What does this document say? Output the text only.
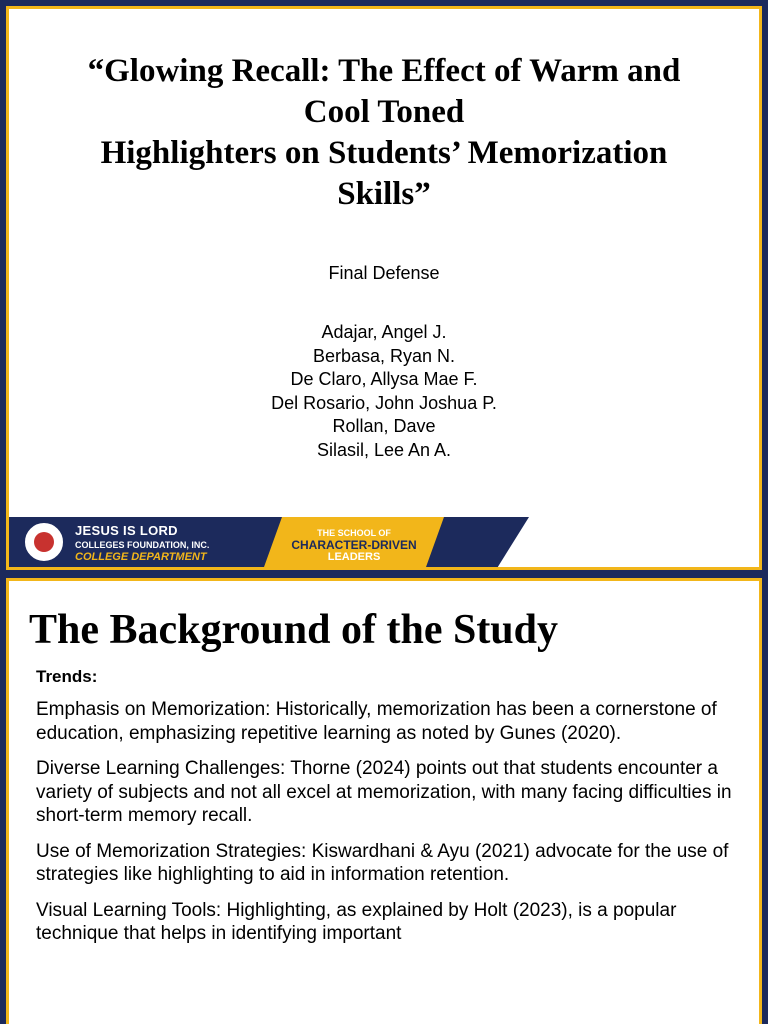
“Glowing Recall: The Effect of Warm and
Cool Toned
Highlighters on Students’ Memorization
Skills”
Final Defense
Adajar, Angel J.
Berbasa, Ryan N.
De Claro, Allysa Mae F.
Del Rosario, John Joshua P.
Rollan, Dave
Silasil, Lee An A.
JESUS IS LORD
COLLEGES FOUNDATION, INC.
COLLEGE DEPARTMENT
THE SCHOOL OF
CHARACTER-DRIVEN
LEADERS
The Background of the Study
Trends:

Emphasis on Memorization: Historically, memorization has been a cornerstone of education, emphasizing repetitive learning as noted by Gunes (2020).

Diverse Learning Challenges: Thorne (2024) points out that students encounter a variety of subjects and not all excel at memorization, with many facing difficulties in short-term memory recall.

Use of Memorization Strategies: Kiswardhani & Ayu (2021) advocate for the use of strategies like highlighting to aid in information retention.

Visual Learning Tools: Highlighting, as explained by Holt (2023), is a popular technique that helps in identifying important
